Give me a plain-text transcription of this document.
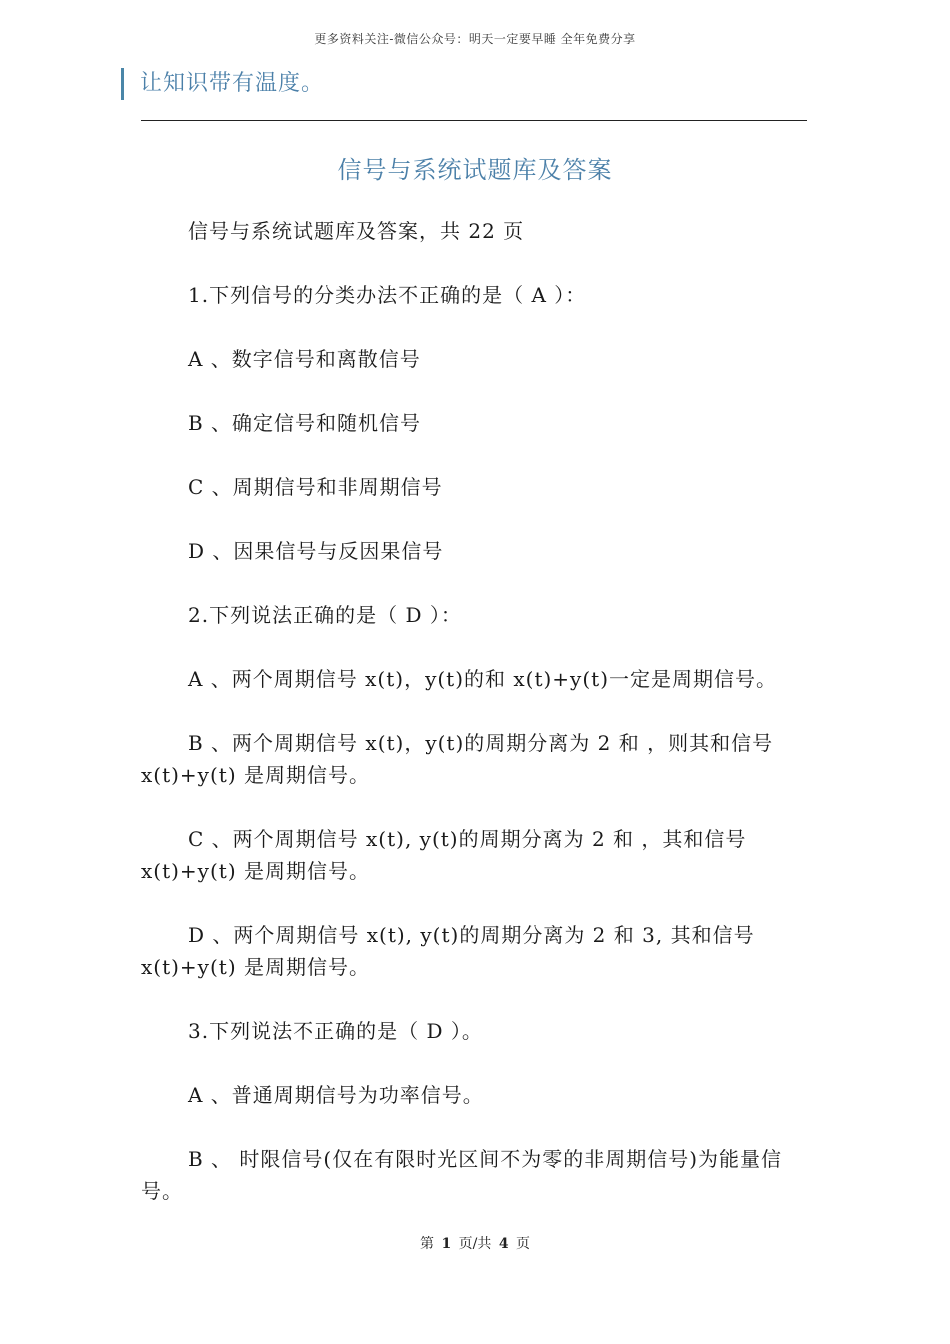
更多资料关注-微信公众号：明天一定要早睡 全年免费分享
让知识带有温度。
信号与系统试题库及答案

信号与系统试题库及答案，共 22 页

1.下列信号的分类办法不正确的是（ A ）：

A 、数字信号和离散信号

B 、确定信号和随机信号

C 、周期信号和非周期信号

D 、因果信号与反因果信号

2.下列说法正确的是（ D ）：

A 、两个周期信号 x(t)，y(t)的和 x(t)+y(t)一定是周期信号。

B 、两个周期信号 x(t)，y(t)的周期分离为 2 和 ，则其和信号 x(t)+y(t) 是周期信号。

C 、两个周期信号 x(t), y(t)的周期分离为 2 和 ，其和信号 x(t)+y(t) 是周期信号。

D 、两个周期信号 x(t), y(t)的周期分离为 2 和 3, 其和信号 x(t)+y(t) 是周期信号。

3.下列说法不正确的是（ D ）。

A 、普通周期信号为功率信号。

B 、 时限信号(仅在有限时光区间不为零的非周期信号)为能量信号。

第 1 页/共 4 页
